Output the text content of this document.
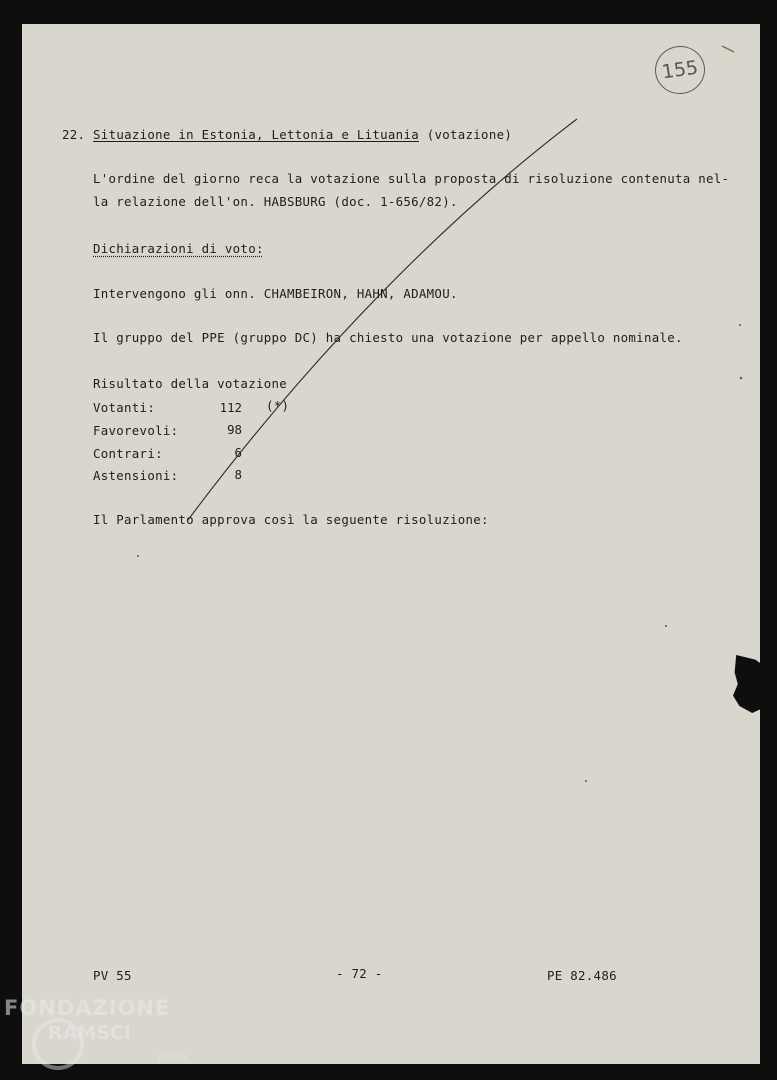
155
22. Situazione in Estonia, Lettonia e Lituania (votazione)
L'ordine del giorno reca la votazione sulla proposta di risoluzione contenuta nel-
la relazione dell'on. HABSBURG (doc. 1-656/82).
Dichiarazioni di voto:
Intervengono gli onn. CHAMBEIRON, HAHN, ADAMOU.
Il gruppo del PPE (gruppo DC) ha chiesto una votazione per appello nominale.
Risultato della votazione
Votanti:	112 (*)
Favorevoli:	98
Contrari:	6
Astensioni:	8
Il Parlamento approva così la seguente risoluzione:
PV 55	- 72 -	PE 82.486
FONDAZIONE
RAMSCI
onlus
